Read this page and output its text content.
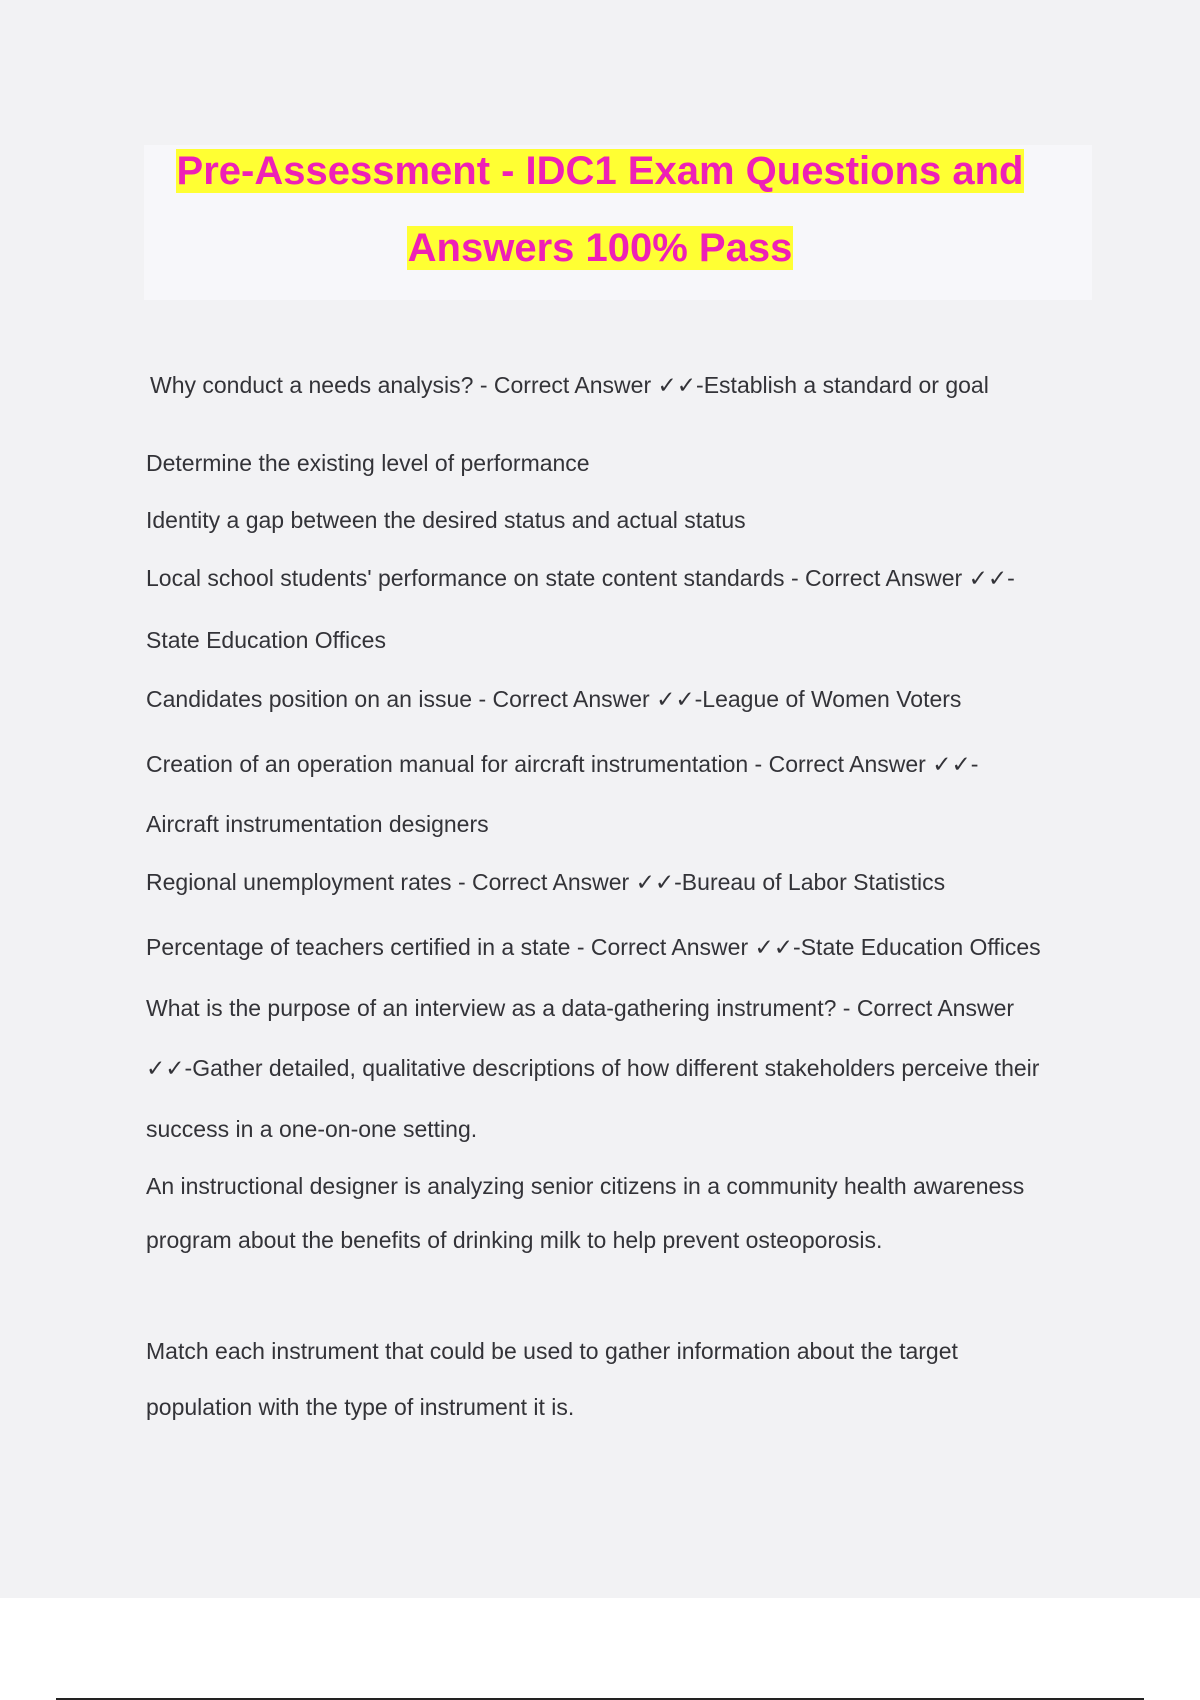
Pre-Assessment - IDC1 Exam Questions and
Answers 100% Pass
Why conduct a needs analysis? - Correct Answer ✓✓-Establish a standard or goal
Determine the existing level of performance
Identity a gap between the desired status and actual status
Local school students' performance on state content standards - Correct Answer ✓✓-
State Education Offices
Candidates position on an issue - Correct Answer ✓✓-League of Women Voters
Creation of an operation manual for aircraft instrumentation - Correct Answer ✓✓-
Aircraft instrumentation designers
Regional unemployment rates - Correct Answer ✓✓-Bureau of Labor Statistics
Percentage of teachers certified in a state - Correct Answer ✓✓-State Education Offices
What is the purpose of an interview as a data-gathering instrument? - Correct Answer
✓✓-Gather detailed, qualitative descriptions of how different stakeholders perceive their
success in a one-on-one setting.
An instructional designer is analyzing senior citizens in a community health awareness
program about the benefits of drinking milk to help prevent osteoporosis.
Match each instrument that could be used to gather information about the target
population with the type of instrument it is.
